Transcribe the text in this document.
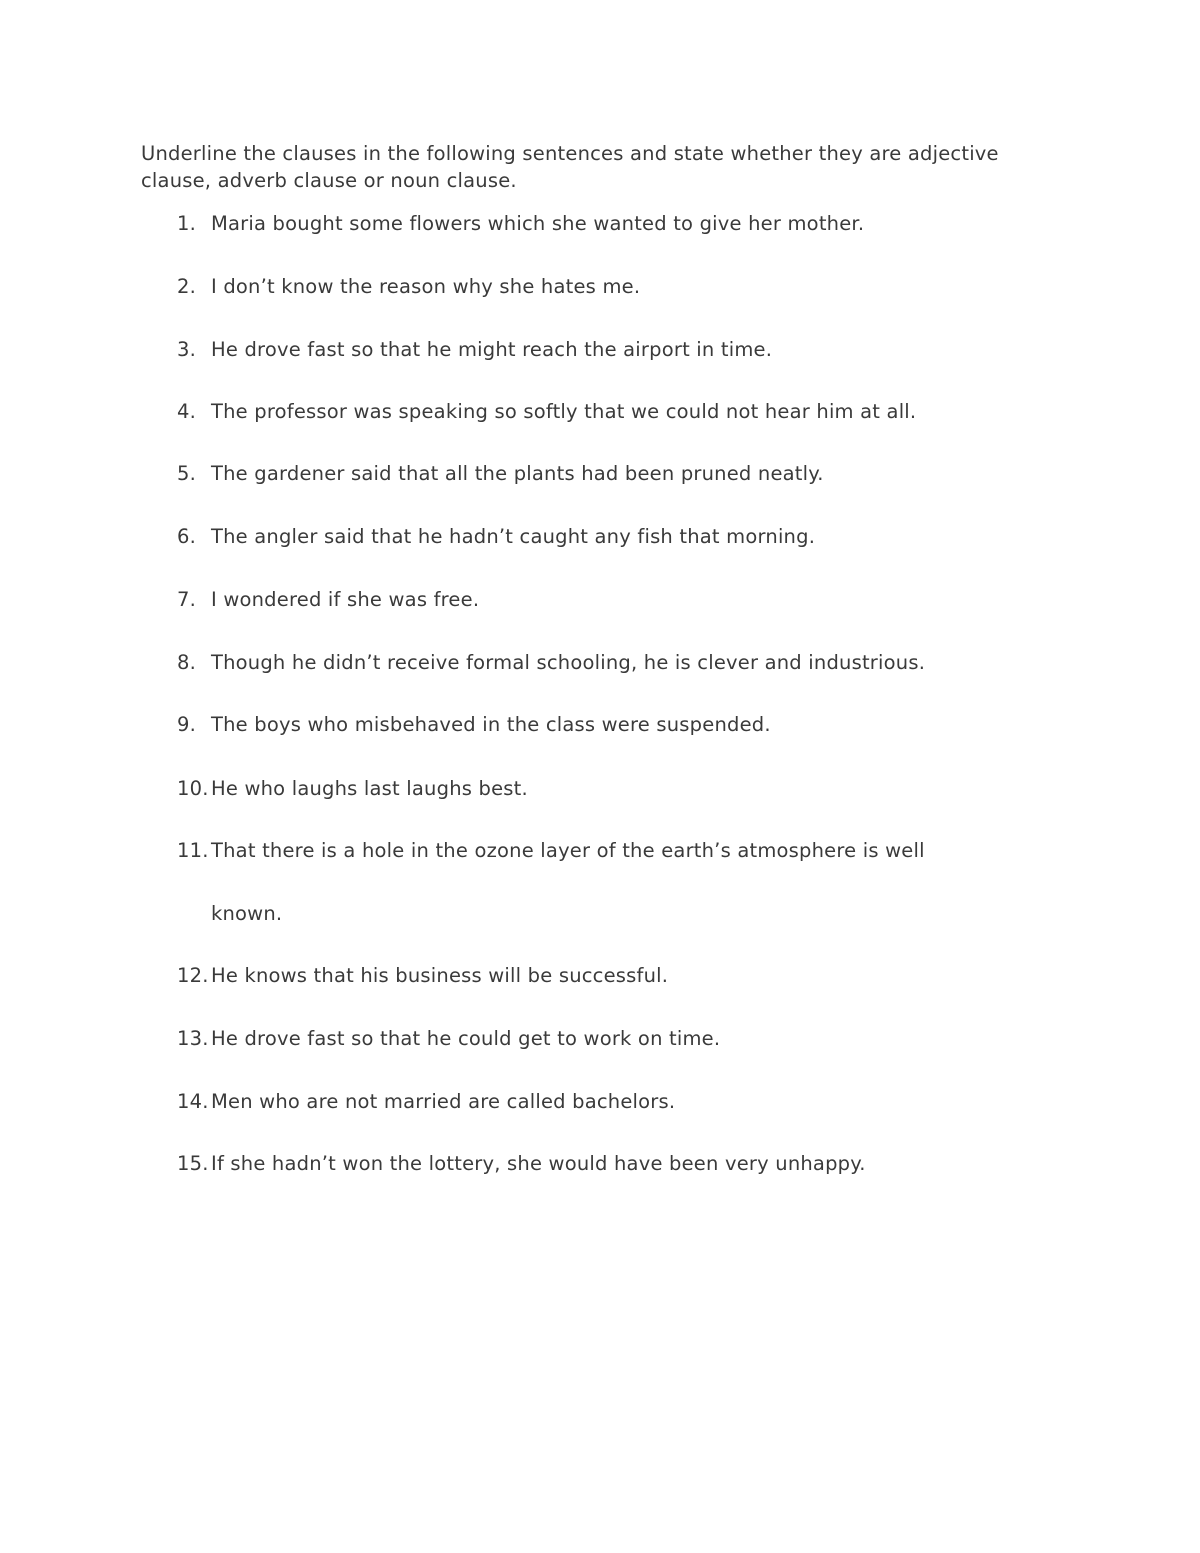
Underline the clauses in the following sentences and state whether they are adjective clause, adverb clause or noun clause.

1. Maria bought some flowers which she wanted to give her mother.
2. I don’t know the reason why she hates me.
3. He drove fast so that he might reach the airport in time.
4. The professor was speaking so softly that we could not hear him at all.
5. The gardener said that all the plants had been pruned neatly.
6. The angler said that he hadn’t caught any fish that morning.
7. I wondered if she was free.
8. Though he didn’t receive formal schooling, he is clever and industrious.
9. The boys who misbehaved in the class were suspended.
10. He who laughs last laughs best.
11. That there is a hole in the ozone layer of the earth’s atmosphere is well
known.
12. He knows that his business will be successful.
13. He drove fast so that he could get to work on time.
14. Men who are not married are called bachelors.
15. If she hadn’t won the lottery, she would have been very unhappy.
